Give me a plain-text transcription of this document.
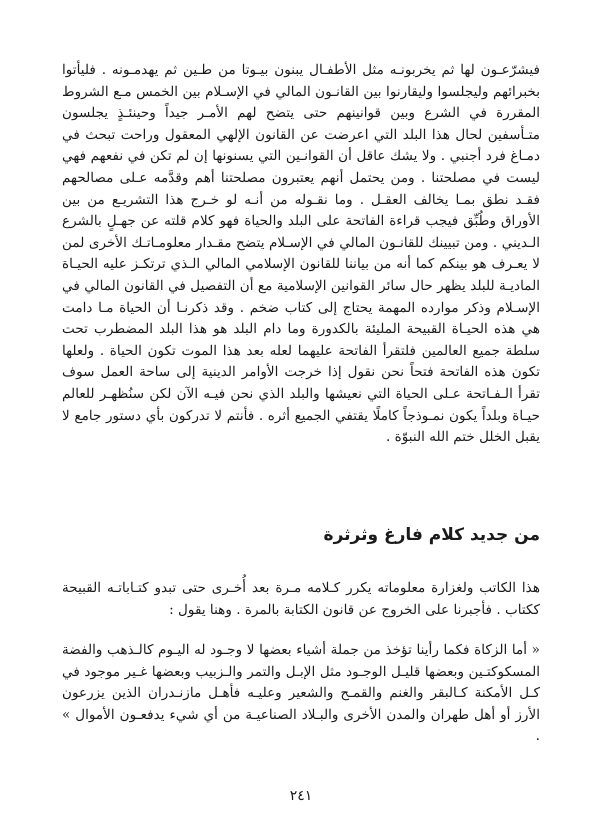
فيشرّعـون لها ثم يخربونـه مثل الأطفـال يبنون بيـوتا من طـين ثم يهدمـونه . فليأتوا بخبرائهم وليجلسوا وليقارنوا بين القانـون المالي في الإسـلام بين الخمس مـع الشروط المقررة في الشرع وبين قوانينهم حتى يتضح لهم الأمـر جيداً وحينئـذٍ يجلسون متـأسفين لحال هذا البلد التي اعرضت عن القانون الإلهي المعقول وراحت تبحث في دمـاغ فرد أجنبي . ولا يشك عاقل أن القوانـين التي يسنونها إن لم تكن في نفعهم فهي ليست في مصلحتنا . ومن يحتمل أنهم يعتبرون مصلحتنا أهم وقدَّمه عـلى مصالحهم فقـد نطق بمـا يخالف العقـل . وما نقـوله من أنـه لو خـرج هذا التشريـع من بين الأوراق وطُبِّق فيجب قراءة الفاتحة على البلد والحياة فهو كلام قلته عن جهـلٍ بالشرع الـديني . ومن تبيينك للقانـون المالي في الإسـلام يتضح مقـدار معلومـاتـك الأخرى لمن لا يعـرف هو بينكم كما أنه من بياننا للقانون الإسلامي المالي الـذي ترتكـز عليه الحيـاة الماديـة للبلد يظهر حال سائر القوانين الإسلامية مع أن التفصيل في القانون المالي في الإسـلام وذكر موارده المهمة يحتاج إلى كتاب ضخم . وقد ذكرنـا أن الحياة مـا دامت هي هذه الحيـاة القبيحة المليئة بالكدورة وما دام البلد هو هذا البلد المضطرب تحت سلطة جميع العالمين فلتقرأ الفاتحة عليهما لعله بعد هذا الموت تكون الحياة . ولعلها تكون هذه الفاتحة فتحاً نحن نقول إذا خرجت الأوامر الدينية إلى ساحة العمل سوف تقرأ الـفـاتحة عـلى الحياة التي نعيشها والبلد الذي نحن فيـه الآن لكن سنُظهـر للعالم حيـاة وبلداً يكون نمـوذجاً كاملًا يقتفي الجميع أثره . فأنتم لا تدركون بأي دستور جامع لا يقبل الخلل ختم الله النبوّة .

من جديد كلام فارغ وثرثرة

هذا الكاتب ولغزارة معلوماته يكرر كـلامه مـرة بعد أُخـرى حتى تبدو كتـاباتـه القبيحة ككتاب . فأجبرنا على الخروج عن قانون الكتابة بالمرة . وهنا يقول :

« أما الزكاة فكما رأينا تؤخذ من جملة أشياء بعضها لا وجـود له اليـوم كالـذهب والفضة المسكوكتـين وبعضها قليـل الوجـود مثل الإبـل والتمر والـزبيب وبعضها غـير موجود في كـل الأمكنة كـالبقر والغنم والقمـح والشعير وعليـه فأهـل مازنـدران الذين يزرعون الأرز أو أهل طهران والمدن الأخرى والبـلاد الصناعيـة من أي شيء يدفعـون الأموال » .

٢٤١
